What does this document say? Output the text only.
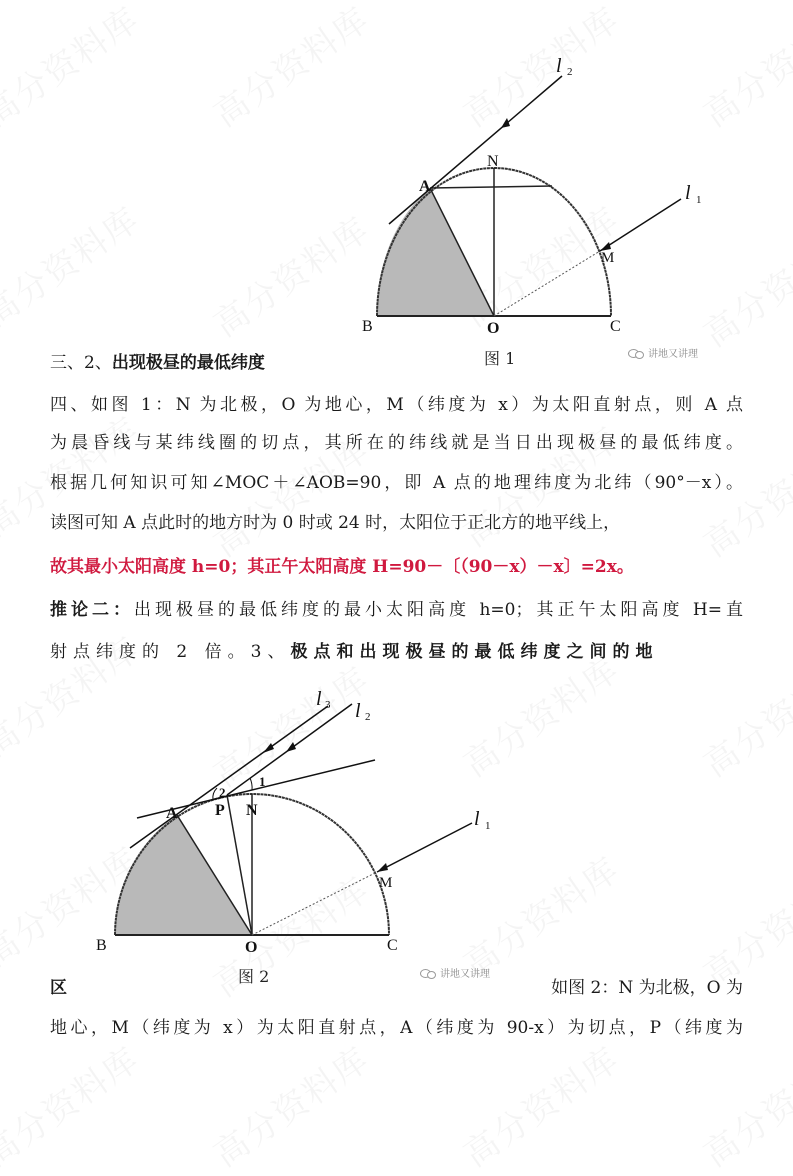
B	O	C
N
A
M
l 2
l 1
图 1	讲地又讲理
三、2、出现极昼的最低纬度
四、如图 1：N 为北极，O 为地心，M（纬度为 x）为太阳直射点，则 A 点
为晨昏线与某纬线圈的切点，其所在的纬线就是当日出现极昼的最低纬度。
根据几何知识可知∠MOC＋∠AOB=90，即 A 点的地理纬度为北纬（90°－x）。
读图可知 A 点此时的地方时为 0 时或 24 时，太阳位于正北方的地平线上，
故其最小太阳高度 h=0；其正午太阳高度 H=90－〔（90－x）－x〕=2x。
推论二：出现极昼的最低纬度的最小太阳高度 h=0；其正午太阳高度 H=直
射点纬度的 2 倍。3、极点和出现极昼的最低纬度之间的地
B	O	C
N
P
A
M
1
2
l 3 l 2
l 1
图 2	讲地又讲理
区	如图 2：N 为北极，O 为
地心，M（纬度为 x）为太阳直射点，A（纬度为 90-x）为切点，P（纬度为
